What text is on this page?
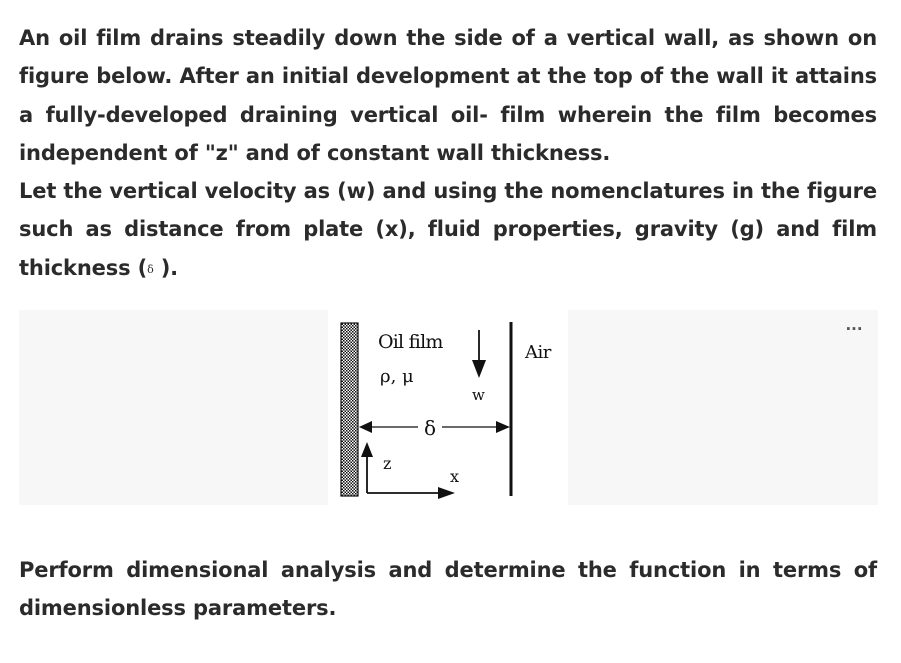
An oil film drains steadily down the side of a vertical wall, as shown on figure below. After an initial development at the top of the wall it attains a fully-developed draining vertical oil- film wherein the film becomes independent of "z" and of constant wall thickness.

Let the vertical velocity as (w) and using the nomenclatures in the figure such as distance from plate (x), fluid properties, gravity (g) and film thickness (δ ).

···
Oil film
ρ, μ
w
Air
δ
z
x

Perform dimensional analysis and determine the function in terms of dimensionless parameters.
